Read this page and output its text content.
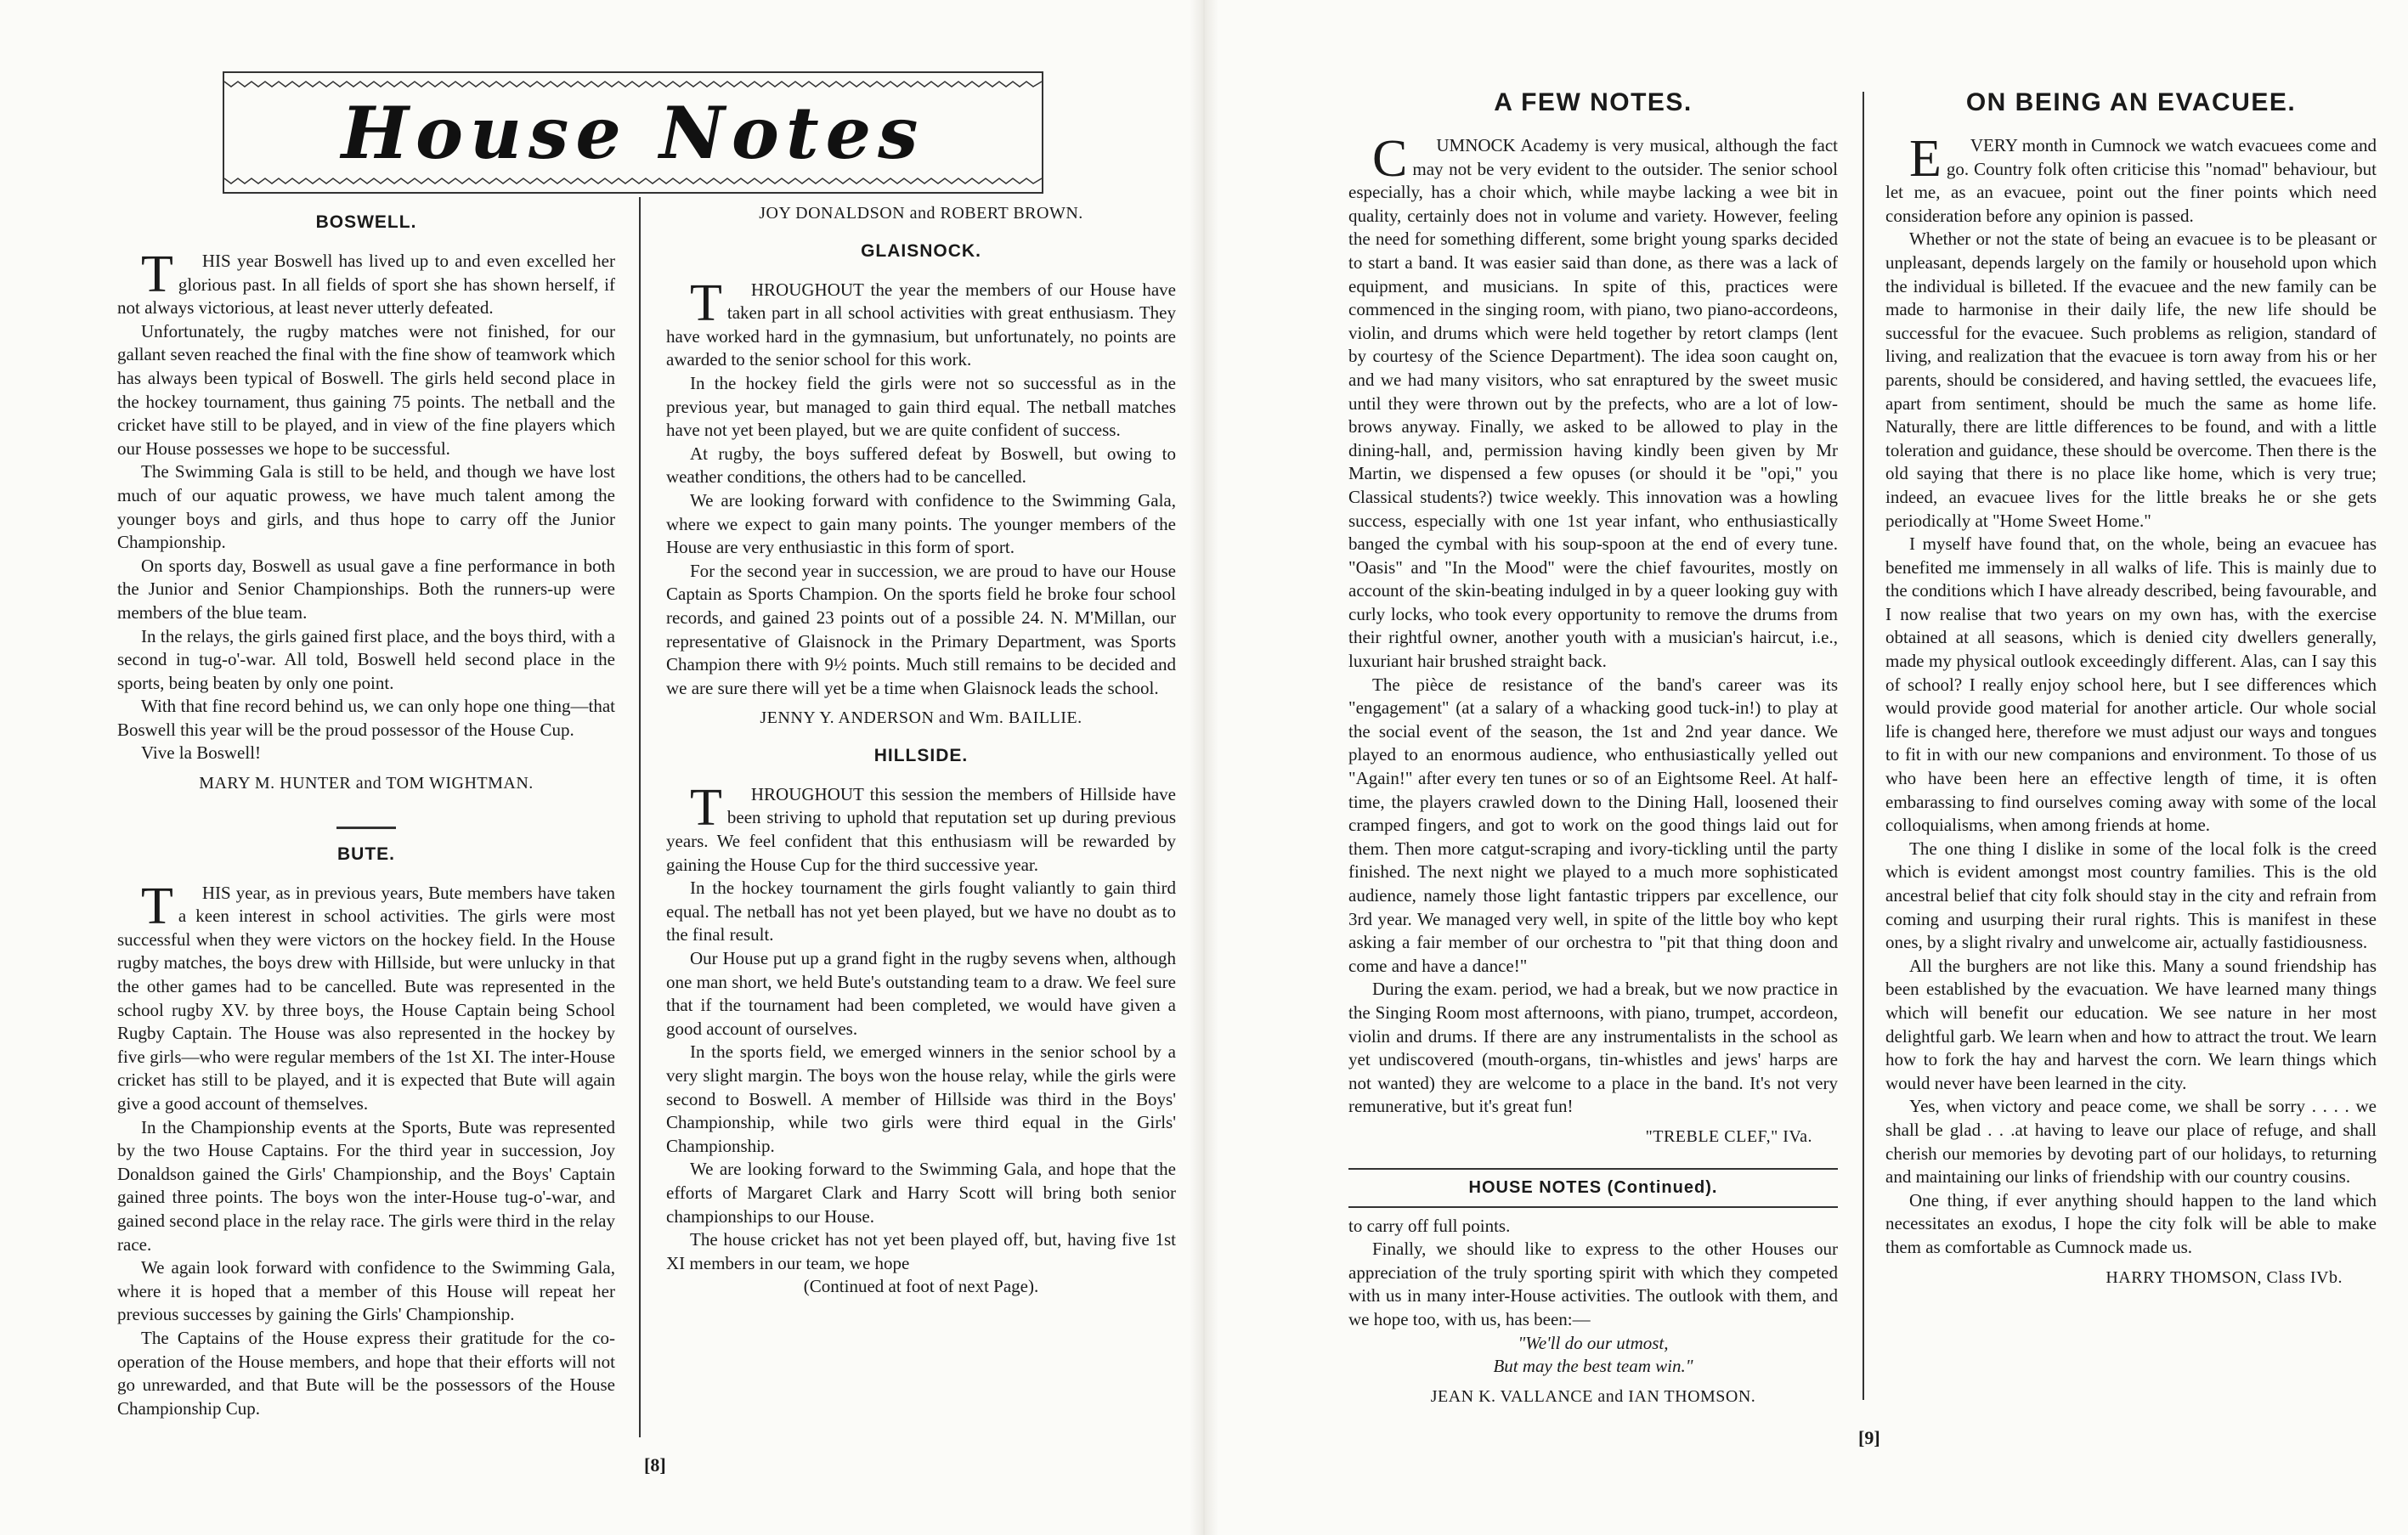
House Notes
BOSWELL.

THIS year Boswell has lived up to and even excelled her glorious past. In all fields of sport she has shown herself, if not always victorious, at least never utterly defeated.

Unfortunately, the rugby matches were not finished, for our gallant seven reached the final with the fine show of teamwork which has always been typical of Boswell. The girls held second place in the hockey tournament, thus gaining 75 points. The netball and the cricket have still to be played, and in view of the fine players which our House possesses we hope to be successful.

The Swimming Gala is still to be held, and though we have lost much of our aquatic prowess, we have much talent among the younger boys and girls, and thus hope to carry off the Junior Championship.

On sports day, Boswell as usual gave a fine performance in both the Junior and Senior Championships. Both the runners-up were members of the blue team.

In the relays, the girls gained first place, and the boys third, with a second in tug-o'-war. All told, Boswell held second place in the sports, being beaten by only one point.

With that fine record behind us, we can only hope one thing—that Boswell this year will be the proud possessor of the House Cup.

Vive la Boswell!

MARY M. HUNTER and TOM WIGHTMAN.

BUTE.

THIS year, as in previous years, Bute members have taken a keen interest in school activities. The girls were most successful when they were victors on the hockey field. In the House rugby matches, the boys drew with Hillside, but were unlucky in that the other games had to be cancelled. Bute was represented in the school rugby XV. by three boys, the House Captain being School Rugby Captain. The House was also represented in the hockey by five girls—who were regular members of the 1st XI. The inter-House cricket has still to be played, and it is expected that Bute will again give a good account of themselves.

In the Championship events at the Sports, Bute was represented by the two House Captains. For the third year in succession, Joy Donaldson gained the Girls' Championship, and the Boys' Captain gained three points. The boys won the inter-House tug-o'-war, and gained second place in the relay race. The girls were third in the relay race.

We again look forward with confidence to the Swimming Gala, where it is hoped that a member of this House will repeat her previous successes by gaining the Girls' Championship.

The Captains of the House express their gratitude for the co-operation of the House members, and hope that their efforts will not go unrewarded, and that Bute will be the possessors of the House Championship Cup.

JOY DONALDSON and ROBERT BROWN.

GLAISNOCK.

THROUGHOUT the year the members of our House have taken part in all school activities with great enthusiasm. They have worked hard in the gymnasium, but unfortunately, no points are awarded to the senior school for this work.

In the hockey field the girls were not so successful as in the previous year, but managed to gain third equal. The netball matches have not yet been played, but we are quite confident of success.

At rugby, the boys suffered defeat by Boswell, but owing to weather conditions, the others had to be cancelled.

We are looking forward with confidence to the Swimming Gala, where we expect to gain many points. The younger members of the House are very enthusiastic in this form of sport.

For the second year in succession, we are proud to have our House Captain as Sports Champion. On the sports field he broke four school records, and gained 23 points out of a possible 24. N. M'Millan, our representative of Glaisnock in the Primary Department, was Sports Champion there with 9½ points. Much still remains to be decided and we are sure there will yet be a time when Glaisnock leads the school.

JENNY Y. ANDERSON and Wm. BAILLIE.

HILLSIDE.

THROUGHOUT this session the members of Hillside have been striving to uphold that reputation set up during previous years. We feel confident that this enthusiasm will be rewarded by gaining the House Cup for the third successive year.

In the hockey tournament the girls fought valiantly to gain third equal. The netball has not yet been played, but we have no doubt as to the final result.

Our House put up a grand fight in the rugby sevens when, although one man short, we held Bute's outstanding team to a draw. We feel sure that if the tournament had been completed, we would have given a good account of ourselves.

In the sports field, we emerged winners in the senior school by a very slight margin. The boys won the house relay, while the girls were second to Boswell. A member of Hillside was third in the Boys' Championship, while two girls were third equal in the Girls' Championship.

We are looking forward to the Swimming Gala, and hope that the efforts of Margaret Clark and Harry Scott will bring both senior championships to our House.

The house cricket has not yet been played off, but, having five 1st XI members in our team, we hope

(Continued at foot of next Page).

[8]
A FEW NOTES.

CUMNOCK Academy is very musical, although the fact may not be very evident to the outsider. The senior school especially, has a choir which, while maybe lacking a wee bit in quality, certainly does not in volume and variety. However, feeling the need for something different, some bright young sparks decided to start a band. It was easier said than done, as there was a lack of equipment, and musicians. In spite of this, practices were commenced in the singing room, with piano, two piano-accordeons, violin, and drums which were held together by retort clamps (lent by courtesy of the Science Department). The idea soon caught on, and we had many visitors, who sat enraptured by the sweet music until they were thrown out by the prefects, who are a lot of low-brows anyway. Finally, we asked to be allowed to play in the dining-hall, and, permission having kindly been given by Mr Martin, we dispensed a few opuses (or should it be "opi," you Classical students?) twice weekly. This innovation was a howling success, especially with one 1st year infant, who enthusiastically banged the cymbal with his soup-spoon at the end of every tune. "Oasis" and "In the Mood" were the chief favourites, mostly on account of the skin-beating indulged in by a queer looking guy with curly locks, who took every opportunity to remove the drums from their rightful owner, another youth with a musician's haircut, i.e., luxuriant hair brushed straight back.

The pièce de resistance of the band's career was its "engagement" (at a salary of a whacking good tuck-in!) to play at the social event of the season, the 1st and 2nd year dance. We played to an enormous audience, who enthusiastically yelled out "Again!" after every ten tunes or so of an Eightsome Reel. At half-time, the players crawled down to the Dining Hall, loosened their cramped fingers, and got to work on the good things laid out for them. Then more catgut-scraping and ivory-tickling until the party finished. The next night we played to a much more sophisticated audience, namely those light fantastic trippers par excellence, our 3rd year. We managed very well, in spite of the little boy who kept asking a fair member of our orchestra to "pit that thing doon and come and have a dance!"

During the exam. period, we had a break, but we now practice in the Singing Room most afternoons, with piano, trumpet, accordeon, violin and drums. If there are any instrumentalists in the school as yet undiscovered (mouth-organs, tin-whistles and jews' harps are not wanted) they are welcome to a place in the band. It's not very remunerative, but it's great fun!

"TREBLE CLEF," IVa.

HOUSE NOTES (Continued).

to carry off full points.

Finally, we should like to express to the other Houses our appreciation of the truly sporting spirit with which they competed with us in many inter-House activities. The outlook with them, and we hope too, with us, has been:—

"We'll do our utmost,

But may the best team win."

JEAN K. VALLANCE and IAN THOMSON.

ON BEING AN EVACUEE.

EVERY month in Cumnock we watch evacuees come and go. Country folk often criticise this "nomad" behaviour, but let me, as an evacuee, point out the finer points which need consideration before any opinion is passed.

Whether or not the state of being an evacuee is to be pleasant or unpleasant, depends largely on the family or household upon which the individual is billeted. If the evacuee and the new family can be made to harmonise in their daily life, the new life should be successful for the evacuee. Such problems as religion, standard of living, and realization that the evacuee is torn away from his or her parents, should be considered, and having settled, the evacuees life, apart from sentiment, should be much the same as home life. Naturally, there are little differences to be found, and with a little toleration and guidance, these should be overcome. Then there is the old saying that there is no place like home, which is very true; indeed, an evacuee lives for the little breaks he or she gets periodically at "Home Sweet Home."

I myself have found that, on the whole, being an evacuee has benefited me immensely in all walks of life. This is mainly due to the conditions which I have already described, being favourable, and I now realise that two years on my own has, with the exercise obtained at all seasons, which is denied city dwellers generally, made my physical outlook exceedingly different. Alas, can I say this of school? I really enjoy school here, but I see differences which would provide good material for another article. Our whole social life is changed here, therefore we must adjust our ways and tongues to fit in with our new companions and environment. To those of us who have been here an effective length of time, it is often embarassing to find ourselves coming away with some of the local colloquialisms, when among friends at home.

The one thing I dislike in some of the local folk is the creed which is evident amongst most country families. This is the old ancestral belief that city folk should stay in the city and refrain from coming and usurping their rural rights. This is manifest in these ones, by a slight rivalry and unwelcome air, actually fastidiousness.

All the burghers are not like this. Many a sound friendship has been established by the evacuation. We have learned many things which will benefit our education. We see nature in her most delightful garb. We learn when and how to attract the trout. We learn how to fork the hay and harvest the corn. We learn things which would never have been learned in the city.

Yes, when victory and peace come, we shall be sorry . . . . we shall be glad . . .at having to leave our place of refuge, and shall cherish our memories by devoting part of our holidays, to returning and maintaining our links of friendship with our country cousins.

One thing, if ever anything should happen to the land which necessitates an exodus, I hope the city folk will be able to make them as comfortable as Cumnock made us.

HARRY THOMSON, Class IVb.

[9]
